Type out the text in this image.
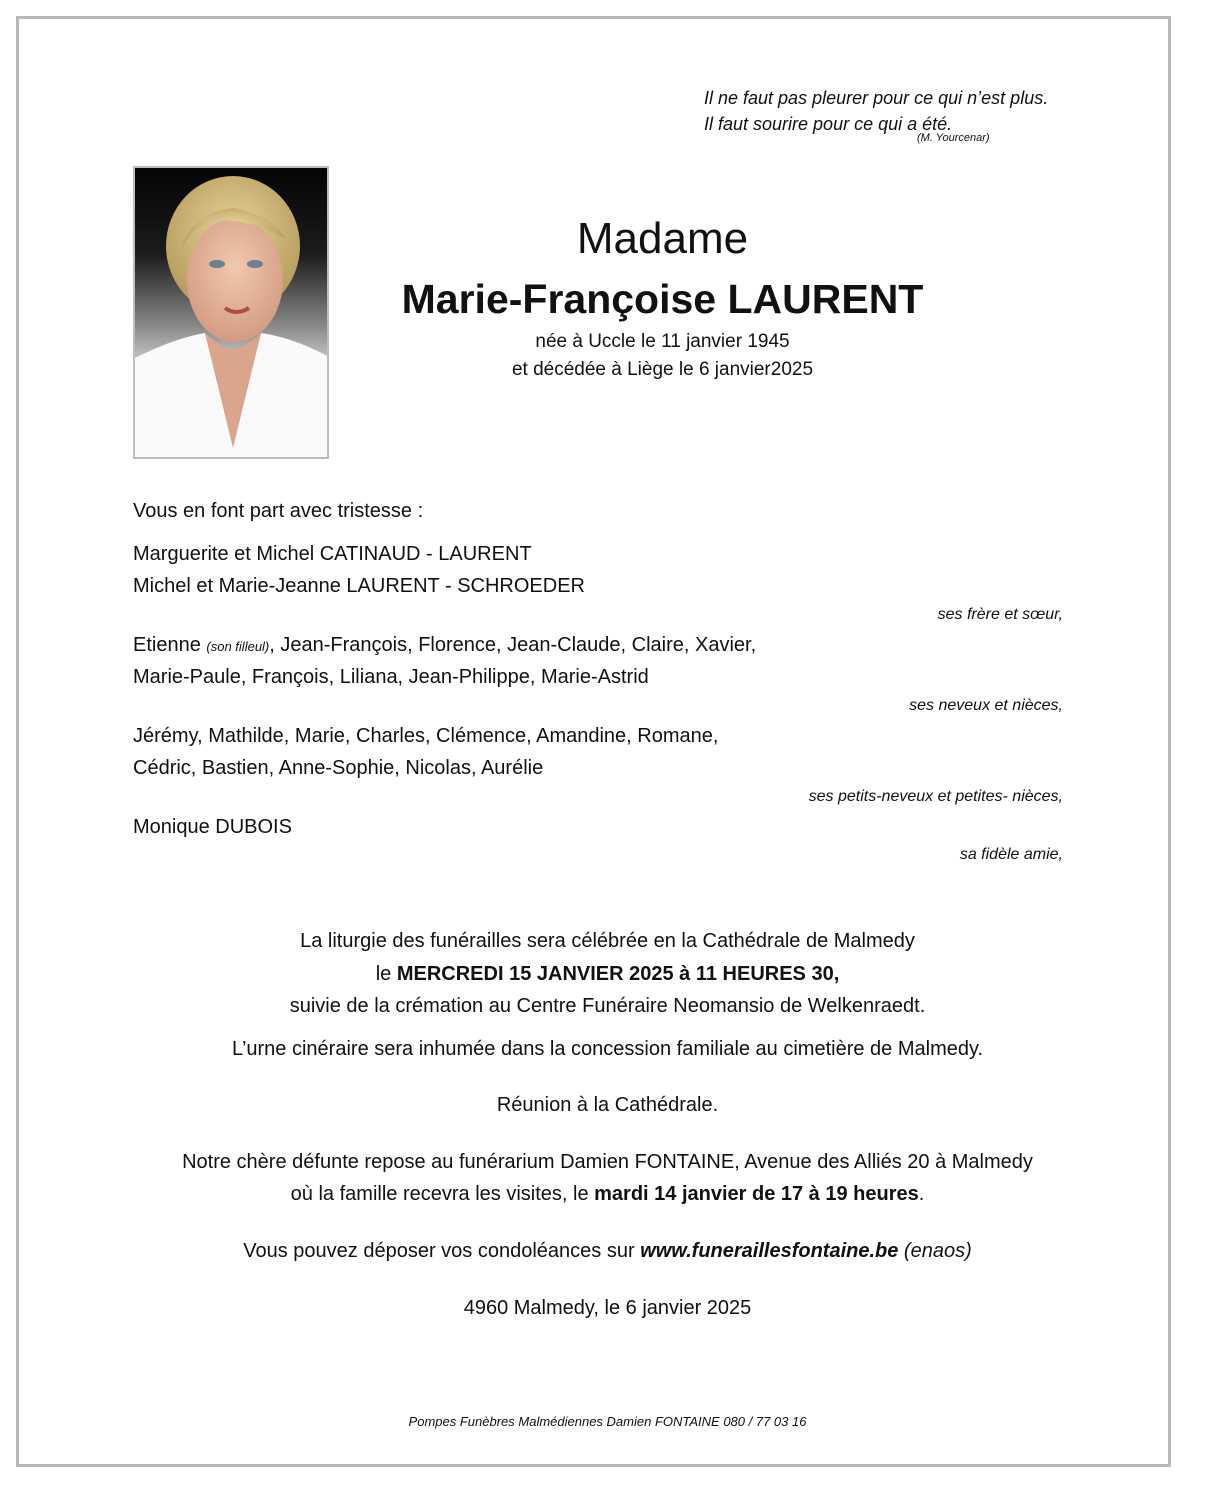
Il ne faut pas pleurer pour ce qui n’est plus.
Il faut sourire pour ce qui a été.
(M. Yourcenar)
Madame
Marie-Françoise LAURENT
née à Uccle le 11 janvier 1945
et décédée à Liège le 6 janvier2025
Vous en font part avec tristesse :
Marguerite et Michel CATINAUD - LAURENT
Michel et Marie-Jeanne LAURENT - SCHROEDER
ses frère et sœur,
Etienne (son filleul), Jean-François, Florence, Jean-Claude, Claire, Xavier,
Marie-Paule, François, Liliana, Jean-Philippe, Marie-Astrid
ses neveux et nièces,
Jérémy, Mathilde, Marie, Charles, Clémence, Amandine, Romane,
Cédric, Bastien, Anne-Sophie, Nicolas, Aurélie
ses petits-neveux et petites- nièces,
Monique DUBOIS
sa fidèle amie,
La liturgie des funérailles sera célébrée en la Cathédrale de Malmedy
le MERCREDI 15 JANVIER 2025 à 11 HEURES 30,
suivie de la crémation au Centre Funéraire Neomansio de Welkenraedt.
L’urne cinéraire sera inhumée dans la concession familiale au cimetière de Malmedy.
Réunion à la Cathédrale.
Notre chère défunte repose au funérarium Damien FONTAINE, Avenue des Alliés 20 à Malmedy
où la famille recevra les visites, le mardi 14 janvier de 17 à 19 heures.
Vous pouvez déposer vos condoléances sur www.funeraillesfontaine.be (enaos)
4960 Malmedy, le 6 janvier 2025
Pompes Funèbres Malmédiennes Damien FONTAINE 080 / 77 03 16
